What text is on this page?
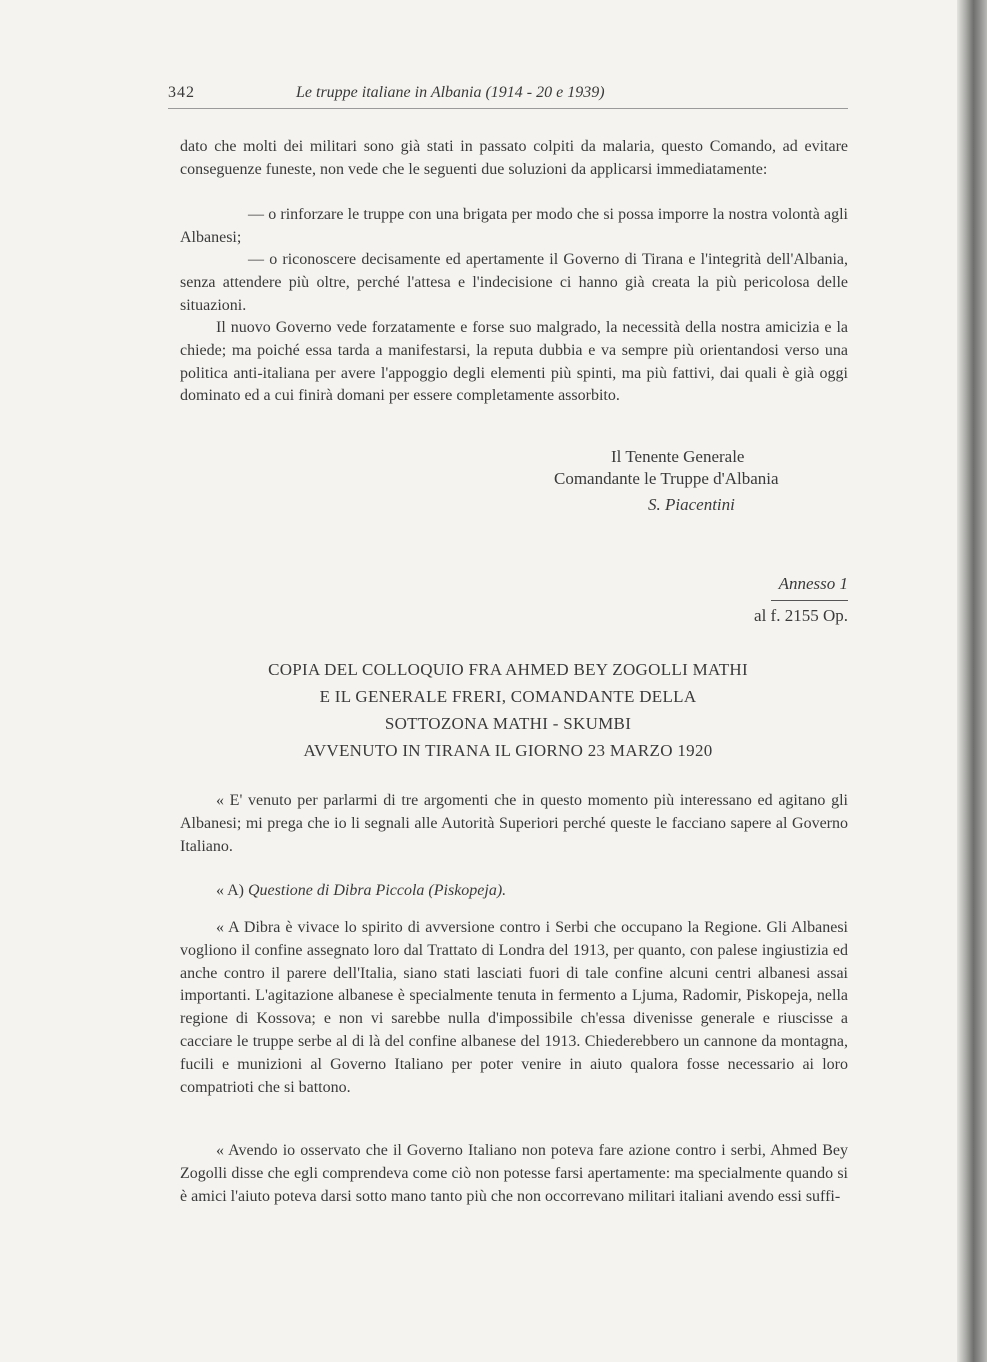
342	Le truppe italiane in Albania (1914 - 20 e 1939)
dato che molti dei militari sono già stati in passato colpiti da malaria, questo Comando, ad evitare conseguenze funeste, non vede che le seguenti due soluzioni da applicarsi immediatamente:
— o rinforzare le truppe con una brigata per modo che si possa imporre la nostra volontà agli Albanesi;
— o riconoscere decisamente ed apertamente il Governo di Tirana e l'integrità dell'Albania, senza attendere più oltre, perché l'attesa e l'indecisione ci hanno già creata la più pericolosa delle situazioni.
Il nuovo Governo vede forzatamente e forse suo malgrado, la necessità della nostra amicizia e la chiede; ma poiché essa tarda a manifestarsi, la reputa dubbia e va sempre più orientandosi verso una politica anti-italiana per avere l'appoggio degli elementi più spinti, ma più fattivi, dai quali è già oggi dominato ed a cui finirà domani per essere completamente assorbito.
Il Tenente Generale
Comandante le Truppe d'Albania
S. Piacentini
Annesso 1
al f. 2155 Op.
COPIA DEL COLLOQUIO FRA AHMED BEY ZOGOLLI MATHI
E IL GENERALE FRERI, COMANDANTE DELLA
SOTTOZONA MATHI - SKUMBI
AVVENUTO IN TIRANA IL GIORNO 23 MARZO 1920
« E' venuto per parlarmi di tre argomenti che in questo momento più interessano ed agitano gli Albanesi; mi prega che io li segnali alle Autorità Superiori perché queste le facciano sapere al Governo Italiano.
« A) Questione di Dibra Piccola (Piskopeja).
« A Dibra è vivace lo spirito di avversione contro i Serbi che occupano la Regione. Gli Albanesi vogliono il confine assegnato loro dal Trattato di Londra del 1913, per quanto, con palese ingiustizia ed anche contro il parere dell'Italia, siano stati lasciati fuori di tale confine alcuni centri albanesi assai importanti. L'agitazione albanese è specialmente tenuta in fermento a Ljuma, Radomir, Piskopeja, nella regione di Kossova; e non vi sarebbe nulla d'impossibile ch'essa divenisse generale e riuscisse a cacciare le truppe serbe al di là del confine albanese del 1913. Chiederebbero un cannone da montagna, fucili e munizioni al Governo Italiano per poter venire in aiuto qualora fosse necessario ai loro compatrioti che si battono.
« Avendo io osservato che il Governo Italiano non poteva fare azione contro i serbi, Ahmed Bey Zogolli disse che egli comprendeva come ciò non potesse farsi apertamente: ma specialmente quando si è amici l'aiuto poteva darsi sotto mano tanto più che non occorrevano militari italiani avendo essi suffi-
